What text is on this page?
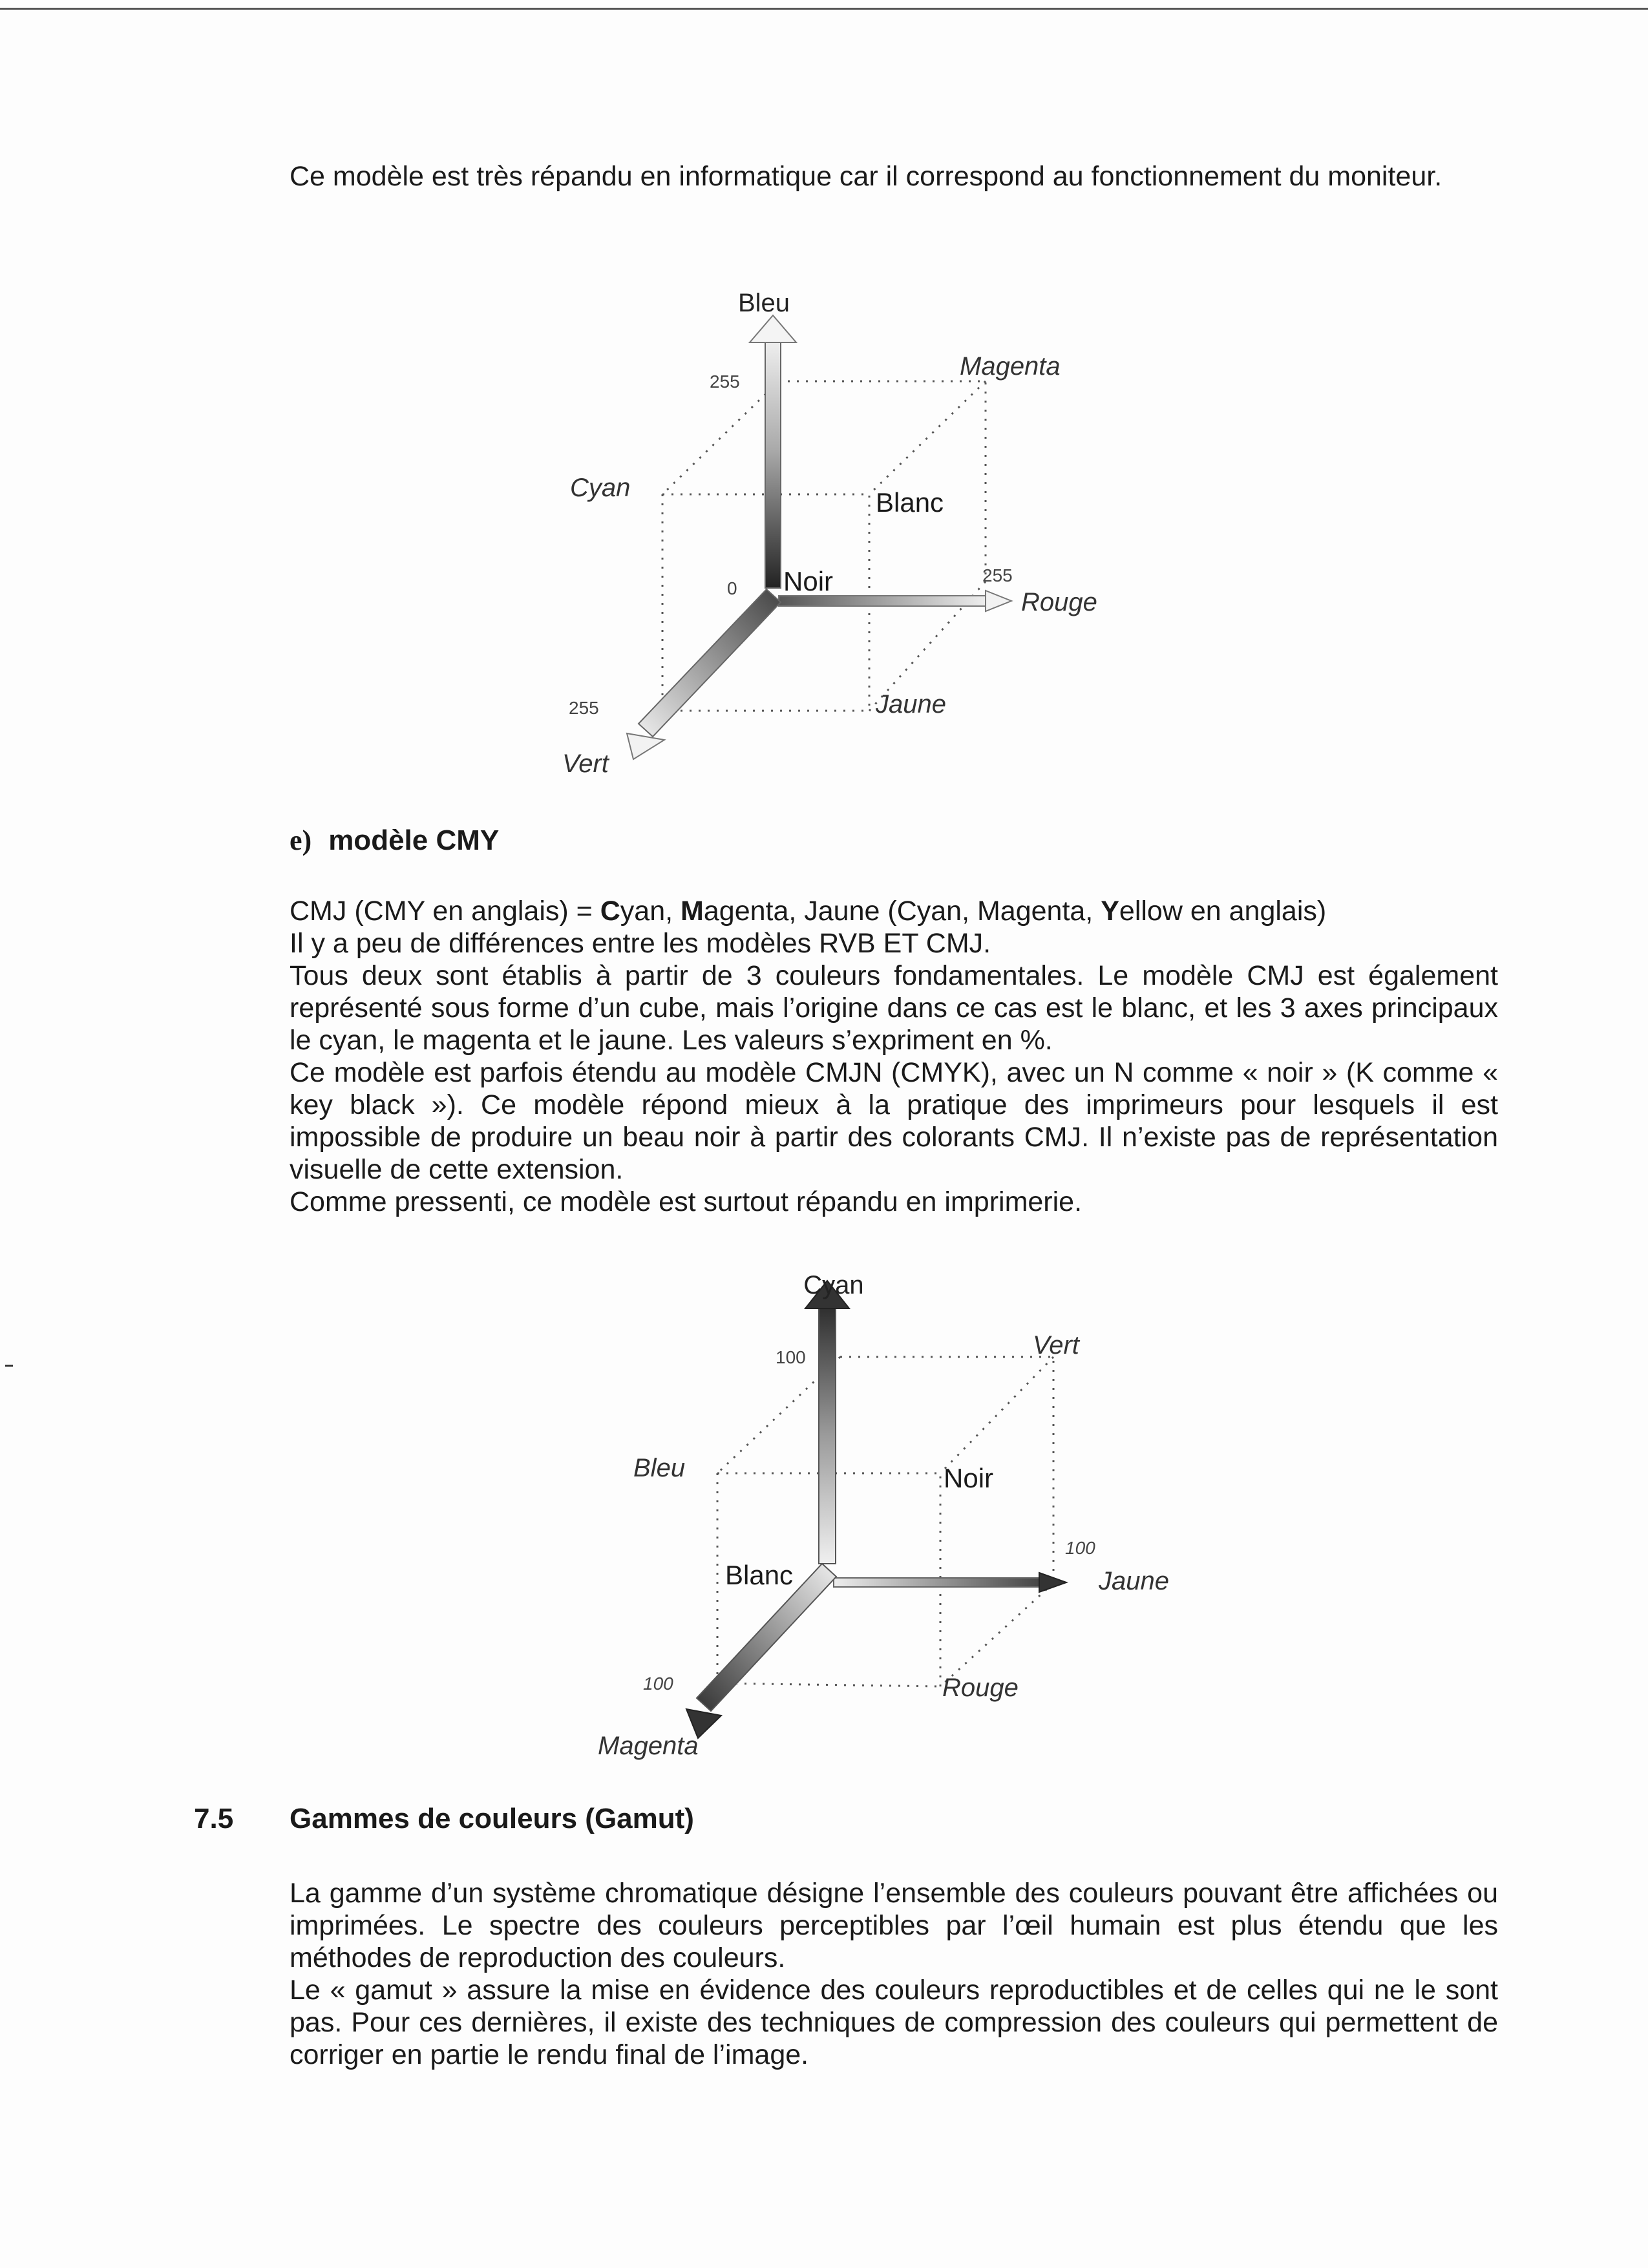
Ce modèle est très répandu en informatique car il correspond au fonctionnement du moniteur.

Bleu
255
Magenta
Cyan	Blanc
Noir
0
255
Rouge
Jaune
255
Vert
e) modèle CMY

CMJ (CMY en anglais) = Cyan, Magenta, Jaune (Cyan, Magenta, Yellow en anglais)

Il y a peu de différences entre les modèles RVB ET CMJ.

Tous deux sont établis à partir de 3 couleurs fondamentales. Le modèle CMJ est également représenté sous forme d’un cube, mais l’origine dans ce cas est le blanc, et les 3 axes principaux le cyan, le magenta et le jaune. Les valeurs s’expriment en %.

Ce modèle est parfois étendu au modèle CMJN (CMYK), avec un N comme « noir » (K comme « key black »). Ce modèle répond mieux à la pratique des imprimeurs pour lesquels il est impossible de produire un beau noir à partir des colorants CMJ. Il n’existe pas de représentation visuelle de cette extension.

Comme pressenti, ce modèle est surtout répandu en imprimerie.

Cyan
100	Vert
Bleu	Noir
Blanc
100
Jaune
Rouge
100
Magenta
7.5 Gammes de couleurs (Gamut)

La gamme d’un système chromatique désigne l’ensemble des couleurs pouvant être affichées ou imprimées. Le spectre des couleurs perceptibles par l’œil humain est plus étendu que les méthodes de reproduction des couleurs.

Le « gamut » assure la mise en évidence des couleurs reproductibles et de celles qui ne le sont pas. Pour ces dernières, il existe des techniques de compression des couleurs qui permettent de corriger en partie le rendu final de l’image.
